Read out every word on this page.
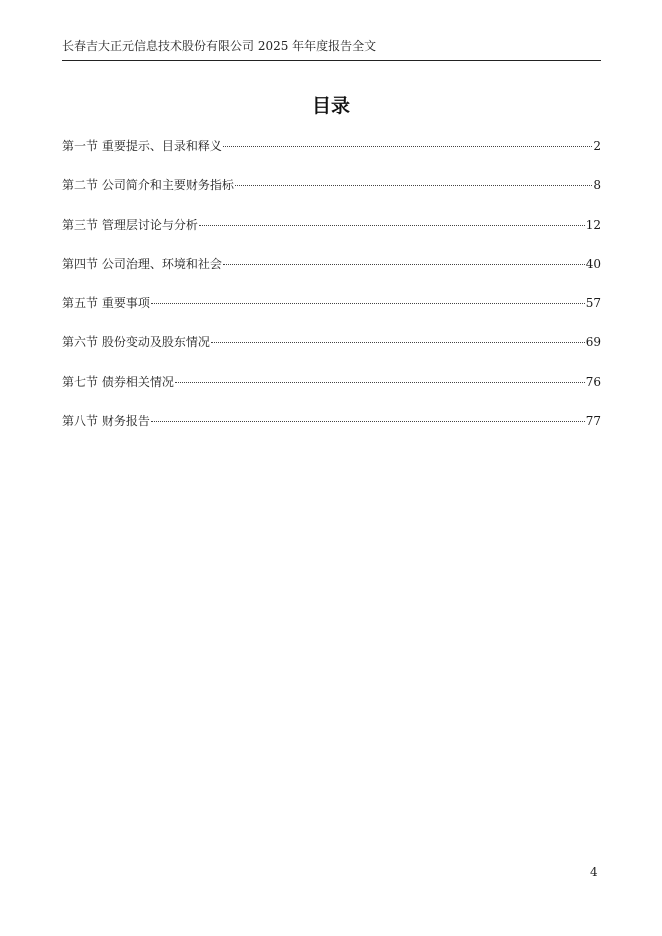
长春吉大正元信息技术股份有限公司 2025 年年度报告全文
目录
第一节 重要提示、目录和释义	2
第二节 公司简介和主要财务指标	8
第三节 管理层讨论与分析	12
第四节 公司治理、环境和社会	40
第五节 重要事项	57
第六节 股份变动及股东情况	69
第七节 债券相关情况	76
第八节 财务报告	77
4
